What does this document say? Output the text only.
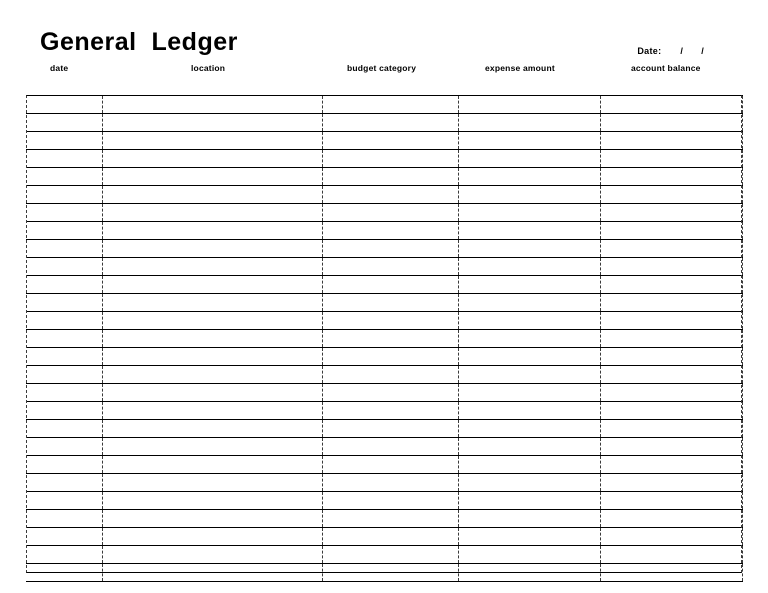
General  Ledger	Date: / /

date	location	budget category	expense amount	account balance
